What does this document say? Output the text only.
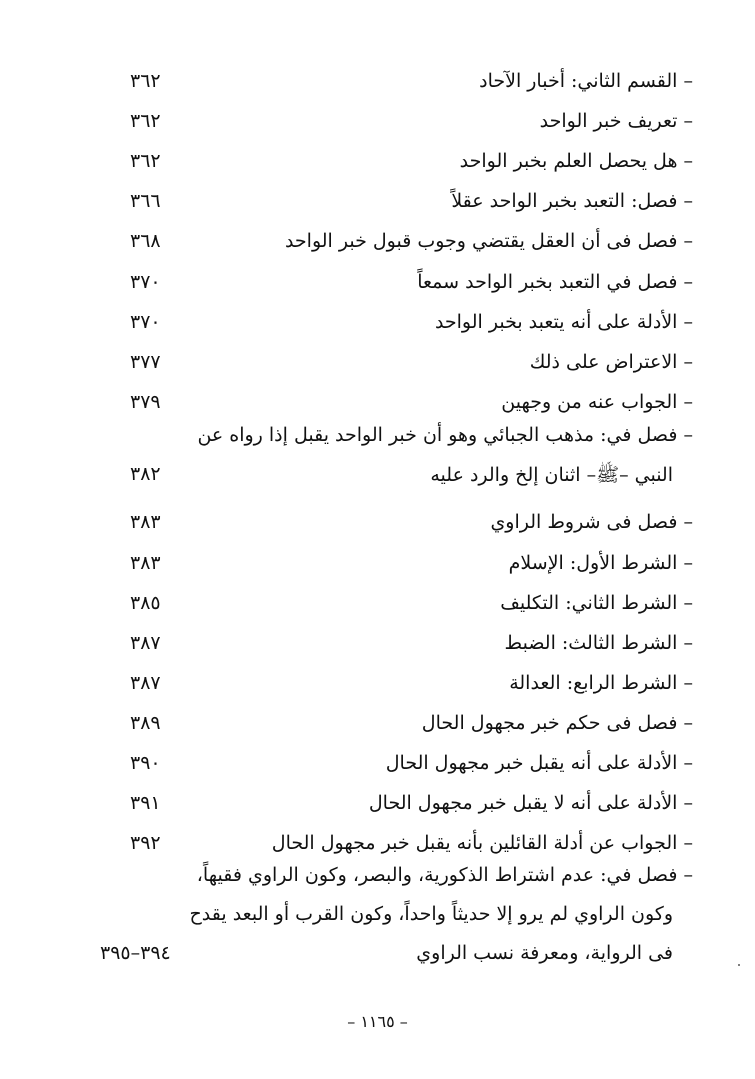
– القسم الثاني: أخبار الآحاد
٣٦٢
– تعريف خبر الواحد
٣٦٢
– هل يحصل العلم بخبر الواحد
٣٦٢
– فصل: التعبد بخبر الواحد عقلاً
٣٦٦
– فصل فى أن العقل يقتضي وجوب قبول خبر الواحد
٣٦٨
– فصل في التعبد بخبر الواحد سمعاً
٣٧٠
– الأدلة على أنه يتعبد بخبر الواحد
٣٧٠
– الاعتراض على ذلك
٣٧٧
– الجواب عنه من وجهين
٣٧٩
– فصل في: مذهب الجبائي وهو أن خبر الواحد يقبل إذا رواه عن
النبي –ﷺ– اثنان إلخ والرد عليه
٣٨٢
– فصل فى شروط الراوي
٣٨٣
– الشرط الأول: الإسلام
٣٨٣
– الشرط الثاني: التكليف
٣٨٥
– الشرط الثالث: الضبط
٣٨٧
– الشرط الرابع: العدالة
٣٨٧
– فصل فى حكم خبر مجهول الحال
٣٨٩
– الأدلة على أنه يقبل خبر مجهول الحال
٣٩٠
– الأدلة على أنه لا يقبل خبر مجهول الحال
٣٩١
– الجواب عن أدلة القائلين بأنه يقبل خبر مجهول الحال
٣٩٢
– فصل في: عدم اشتراط الذكورية، والبصر، وكون الراوي فقيهاً،
وكون الراوي لم يرو إلا حديثاً واحداً، وكون القرب أو البعد يقدح
فى الرواية، ومعرفة نسب الراوي
٣٩٤–٣٩٥
– ١١٦٥ –
